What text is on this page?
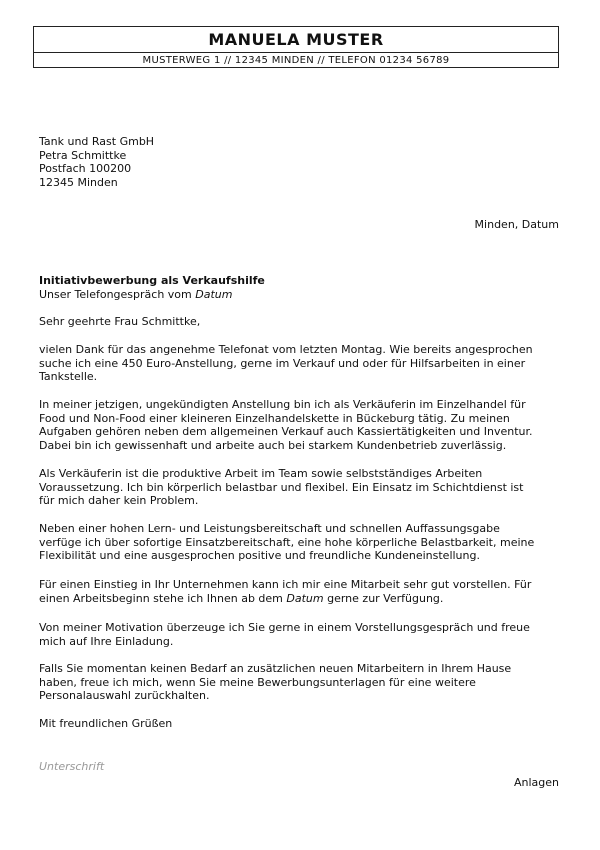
MANUELA MUSTER
MUSTERWEG 1 // 12345 MINDEN // TELEFON 01234 56789

Tank und Rast GmbH

Petra Schmittke

Postfach 100200

12345 Minden

Minden, Datum

Initiativbewerbung als Verkaufshilfe

Unser Telefongespräch vom Datum

Sehr geehrte Frau Schmittke,

vielen Dank für das angenehme Telefonat vom letzten Montag. Wie bereits angesprochen

suche ich eine 450 Euro-Anstellung, gerne im Verkauf und oder für Hilfsarbeiten in einer

Tankstelle.

In meiner jetzigen, ungekündigten Anstellung bin ich als Verkäuferin im Einzelhandel für

Food und Non-Food einer kleineren Einzelhandelskette in Bückeburg tätig. Zu meinen

Aufgaben gehören neben dem allgemeinen Verkauf auch Kassiertätigkeiten und Inventur.

Dabei bin ich gewissenhaft und arbeite auch bei starkem Kundenbetrieb zuverlässig.

Als Verkäuferin ist die produktive Arbeit im Team sowie selbstständiges Arbeiten

Voraussetzung. Ich bin körperlich belastbar und flexibel. Ein Einsatz im Schichtdienst ist

für mich daher kein Problem.

Neben einer hohen Lern- und Leistungsbereitschaft und schnellen Auffassungsgabe

verfüge ich über sofortige Einsatzbereitschaft, eine hohe körperliche Belastbarkeit, meine

Flexibilität und eine ausgesprochen positive und freundliche Kundeneinstellung.

Für einen Einstieg in Ihr Unternehmen kann ich mir eine Mitarbeit sehr gut vorstellen. Für

einen Arbeitsbeginn stehe ich Ihnen ab dem Datum gerne zur Verfügung.

Von meiner Motivation überzeuge ich Sie gerne in einem Vorstellungsgespräch und freue

mich auf Ihre Einladung.

Falls Sie momentan keinen Bedarf an zusätzlichen neuen Mitarbeitern in Ihrem Hause

haben, freue ich mich, wenn Sie meine Bewerbungsunterlagen für eine weitere

Personalauswahl zurückhalten.

Mit freundlichen Grüßen
Unterschrift
Anlagen
